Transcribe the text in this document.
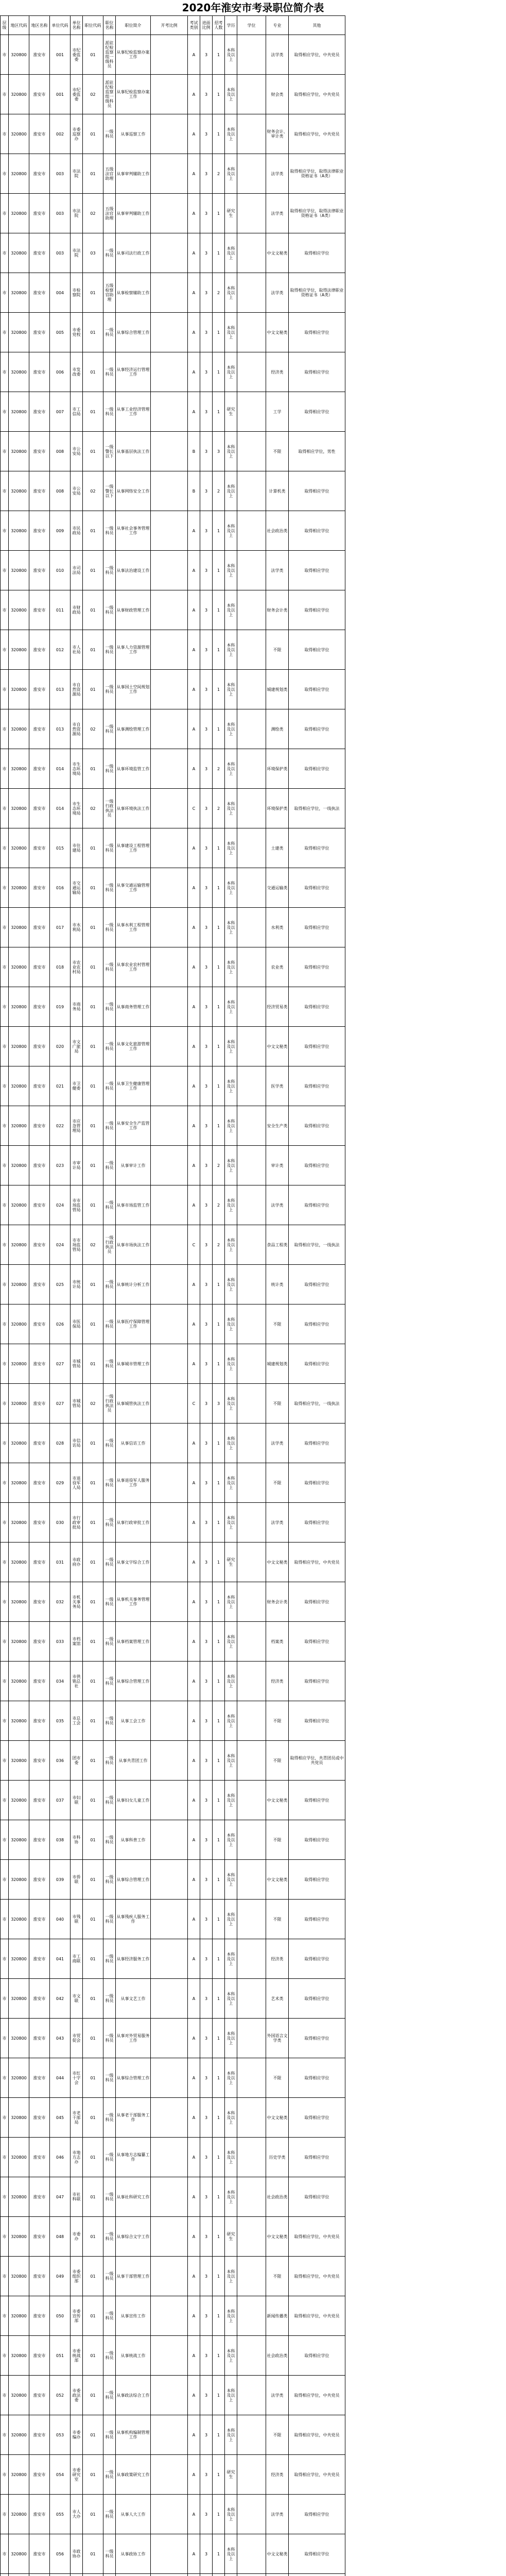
2020年淮安市考录职位简介表
层级	地区代码	地区名称	单位代码	单位名称	职位代码	职位名称	职位简介	开考比例	考试类别	进面比例	招考人数	学历	学位	专业	其他
市	320800	淮安市	001	市纪委监委	01	派驻纪检监察组一级科员	从事纪检监察办案工作		A	3	1	本科及以上		法学类	取得相应学位，中共党员
市	320800	淮安市	001	市纪委监委	02	派驻纪检监察组一级科员	从事纪检监察办案工作		A	3	1	本科及以上		财会类	取得相应学位，中共党员
市	320800	淮安市	002	市委巡察办	01	一级科员	从事巡察工作		A	3	1	本科及以上		财务会计、审计类	取得相应学位，中共党员
市	320800	淮安市	003	市法院	01	五级法官助理	从事审判辅助工作		A	3	2	本科及以上		法学类	取得相应学位，取得法律职业资格证书（A类）
市	320800	淮安市	003	市法院	02	五级法官助理	从事审判辅助工作		A	3	1	研究生		法学类	取得相应学位，取得法律职业资格证书（A类）
市	320800	淮安市	003	市法院	03	一级科员	从事司法行政工作		A	3	1	本科及以上		中文文秘类	取得相应学位
市	320800	淮安市	004	市检察院	01	五级检察官助理	从事检察辅助工作		A	3	2	本科及以上		法学类	取得相应学位，取得法律职业资格证书（A类）
市	320800	淮安市	005	市委党校	01	一级科员	从事综合管理工作		A	3	1	本科及以上		中文文秘类	取得相应学位
市	320800	淮安市	006	市发改委	01	一级科员	从事经济运行管理工作		A	3	1	本科及以上		经济类	取得相应学位
市	320800	淮安市	007	市工信局	01	一级科员	从事工业经济管理工作		A	3	1	研究生		工学	取得相应学位
市	320800	淮安市	008	市公安局	01	一级警长以下	从事基层执法工作		B	3	3	本科及以上		不限	取得相应学位，男性
市	320800	淮安市	008	市公安局	02	一级警长以下	从事网络安全工作		B	3	2	本科及以上		计算机类	取得相应学位
市	320800	淮安市	009	市民政局	01	一级科员	从事社会事务管理工作		A	3	1	本科及以上		社会政治类	取得相应学位
市	320800	淮安市	010	市司法局	01	一级科员	从事法治建设工作		A	3	1	本科及以上		法学类	取得相应学位
市	320800	淮安市	011	市财政局	01	一级科员	从事财政管理工作		A	3	1	本科及以上		财务会计类	取得相应学位
市	320800	淮安市	012	市人社局	01	一级科员	从事人力资源管理工作		A	3	1	本科及以上		不限	取得相应学位
市	320800	淮安市	013	市自然资源局	01	一级科员	从事国土空间规划工作		A	3	1	本科及以上		城建规划类	取得相应学位
市	320800	淮安市	013	市自然资源局	02	一级科员	从事测绘管理工作		A	3	1	本科及以上		测绘类	取得相应学位
市	320800	淮安市	014	市生态环境局	01	一级科员	从事环境监管工作		A	3	2	本科及以上		环境保护类	取得相应学位
市	320800	淮安市	014	市生态环境局	02	一级行政执法员	从事环境执法工作		C	3	2	本科及以上		环境保护类	取得相应学位，一线执法
市	320800	淮安市	015	市住建局	01	一级科员	从事建设工程管理工作		A	3	1	本科及以上		土建类	取得相应学位
市	320800	淮安市	016	市交通运输局	01	一级科员	从事交通运输管理工作		A	3	1	本科及以上		交通运输类	取得相应学位
市	320800	淮安市	017	市水利局	01	一级科员	从事水利工程管理工作		A	3	1	本科及以上		水利类	取得相应学位
市	320800	淮安市	018	市农业农村局	01	一级科员	从事农业农村管理工作		A	3	1	本科及以上		农业类	取得相应学位
市	320800	淮安市	019	市商务局	01	一级科员	从事商务管理工作		A	3	1	本科及以上		经济贸易类	取得相应学位
市	320800	淮安市	020	市文广旅局	01	一级科员	从事文化旅游管理工作		A	3	1	本科及以上		中文文秘类	取得相应学位
市	320800	淮安市	021	市卫健委	01	一级科员	从事卫生健康管理工作		A	3	1	本科及以上		医学类	取得相应学位
市	320800	淮安市	022	市应急管理局	01	一级科员	从事安全生产监管工作		A	3	1	本科及以上		安全生产类	取得相应学位
市	320800	淮安市	023	市审计局	01	一级科员	从事审计工作		A	3	2	本科及以上		审计类	取得相应学位
市	320800	淮安市	024	市市场监管局	01	一级科员	从事市场监管工作		A	3	2	本科及以上		法学类	取得相应学位
市	320800	淮安市	024	市市场监管局	02	一级行政执法员	从事市场执法工作		C	3	2	本科及以上		食品工程类	取得相应学位，一线执法
市	320800	淮安市	025	市统计局	01	一级科员	从事统计分析工作		A	3	1	本科及以上		统计类	取得相应学位
市	320800	淮安市	026	市医保局	01	一级科员	从事医疗保障管理工作		A	3	1	本科及以上		不限	取得相应学位
市	320800	淮安市	027	市城管局	01	一级科员	从事城市管理工作		A	3	1	本科及以上		城建规划类	取得相应学位
市	320800	淮安市	027	市城管局	02	一级行政执法员	从事城管执法工作		C	3	3	本科及以上		不限	取得相应学位，一线执法
市	320800	淮安市	028	市信访局	01	一级科员	从事信访工作		A	3	1	本科及以上		法学类	取得相应学位
市	320800	淮安市	029	市退役军人局	01	一级科员	从事退役军人服务工作		A	3	1	本科及以上		不限	取得相应学位
市	320800	淮安市	030	市行政审批局	01	一级科员	从事行政审批工作		A	3	1	本科及以上		法学类	取得相应学位
市	320800	淮安市	031	市政府办	01	一级科员	从事文字综合工作		A	3	1	研究生		中文文秘类	取得相应学位，中共党员
市	320800	淮安市	032	市机关事务局	01	一级科员	从事机关事务管理工作		A	3	1	本科及以上		财务会计类	取得相应学位
市	320800	淮安市	033	市档案馆	01	一级科员	从事档案管理工作		A	3	1	本科及以上		档案类	取得相应学位
市	320800	淮安市	034	市供销总社	01	一级科员	从事综合管理工作		A	3	1	本科及以上		经济类	取得相应学位
市	320800	淮安市	035	市总工会	01	一级科员	从事工会工作		A	3	1	本科及以上		不限	取得相应学位
市	320800	淮安市	036	团市委	01	一级科员	从事共青团工作		A	3	1	本科及以上		不限	取得相应学位，共青团员或中共党员
市	320800	淮安市	037	市妇联	01	一级科员	从事妇女儿童工作		A	3	1	本科及以上		中文文秘类	取得相应学位
市	320800	淮安市	038	市科协	01	一级科员	从事科普工作		A	3	1	本科及以上		不限	取得相应学位
市	320800	淮安市	039	市侨联	01	一级科员	从事综合管理工作		A	3	1	本科及以上		中文文秘类	取得相应学位
市	320800	淮安市	040	市残联	01	一级科员	从事残疾人服务工作		A	3	1	本科及以上		不限	取得相应学位
市	320800	淮安市	041	市工商联	01	一级科员	从事经济服务工作		A	3	1	本科及以上		经济类	取得相应学位
市	320800	淮安市	042	市文联	01	一级科员	从事文艺工作		A	3	1	本科及以上		艺术类	取得相应学位
市	320800	淮安市	043	市贸促会	01	一级科员	从事对外贸易服务工作		A	3	1	本科及以上		外国语言文学类	取得相应学位
市	320800	淮安市	044	市红十字会	01	一级科员	从事综合管理工作		A	3	1	本科及以上		不限	取得相应学位
市	320800	淮安市	045	市老干部局	01	一级科员	从事老干部服务工作		A	3	1	本科及以上		中文文秘类	取得相应学位
市	320800	淮安市	046	市地方志办	01	一级科员	从事地方志编纂工作		A	3	1	本科及以上		历史学类	取得相应学位
市	320800	淮安市	047	市社科联	01	一级科员	从事社科研究工作		A	3	1	本科及以上		社会政治类	取得相应学位
市	320800	淮安市	048	市委办	01	一级科员	从事综合文字工作		A	3	1	研究生		中文文秘类	取得相应学位，中共党员
市	320800	淮安市	049	市委组织部	01	一级科员	从事干部管理工作		A	3	1	本科及以上		不限	取得相应学位，中共党员
市	320800	淮安市	050	市委宣传部	01	一级科员	从事宣传工作		A	3	1	本科及以上		新闻传播类	取得相应学位，中共党员
市	320800	淮安市	051	市委统战部	01	一级科员	从事统战工作		A	3	1	本科及以上		社会政治类	取得相应学位
市	320800	淮安市	052	市委政法委	01	一级科员	从事政法综合工作		A	3	1	本科及以上		法学类	取得相应学位，中共党员
市	320800	淮安市	053	市委编办	01	一级科员	从事机构编制管理工作		A	3	1	本科及以上		不限	取得相应学位，中共党员
市	320800	淮安市	054	市委研究室	01	一级科员	从事政策研究工作		A	3	1	研究生		经济类	取得相应学位，中共党员
市	320800	淮安市	055	市人大办	01	一级科员	从事人大工作		A	3	1	本科及以上		法学类	取得相应学位
市	320800	淮安市	056	市政协办	01	一级科员	从事政协工作		A	3	1	本科及以上		中文文秘类	取得相应学位
